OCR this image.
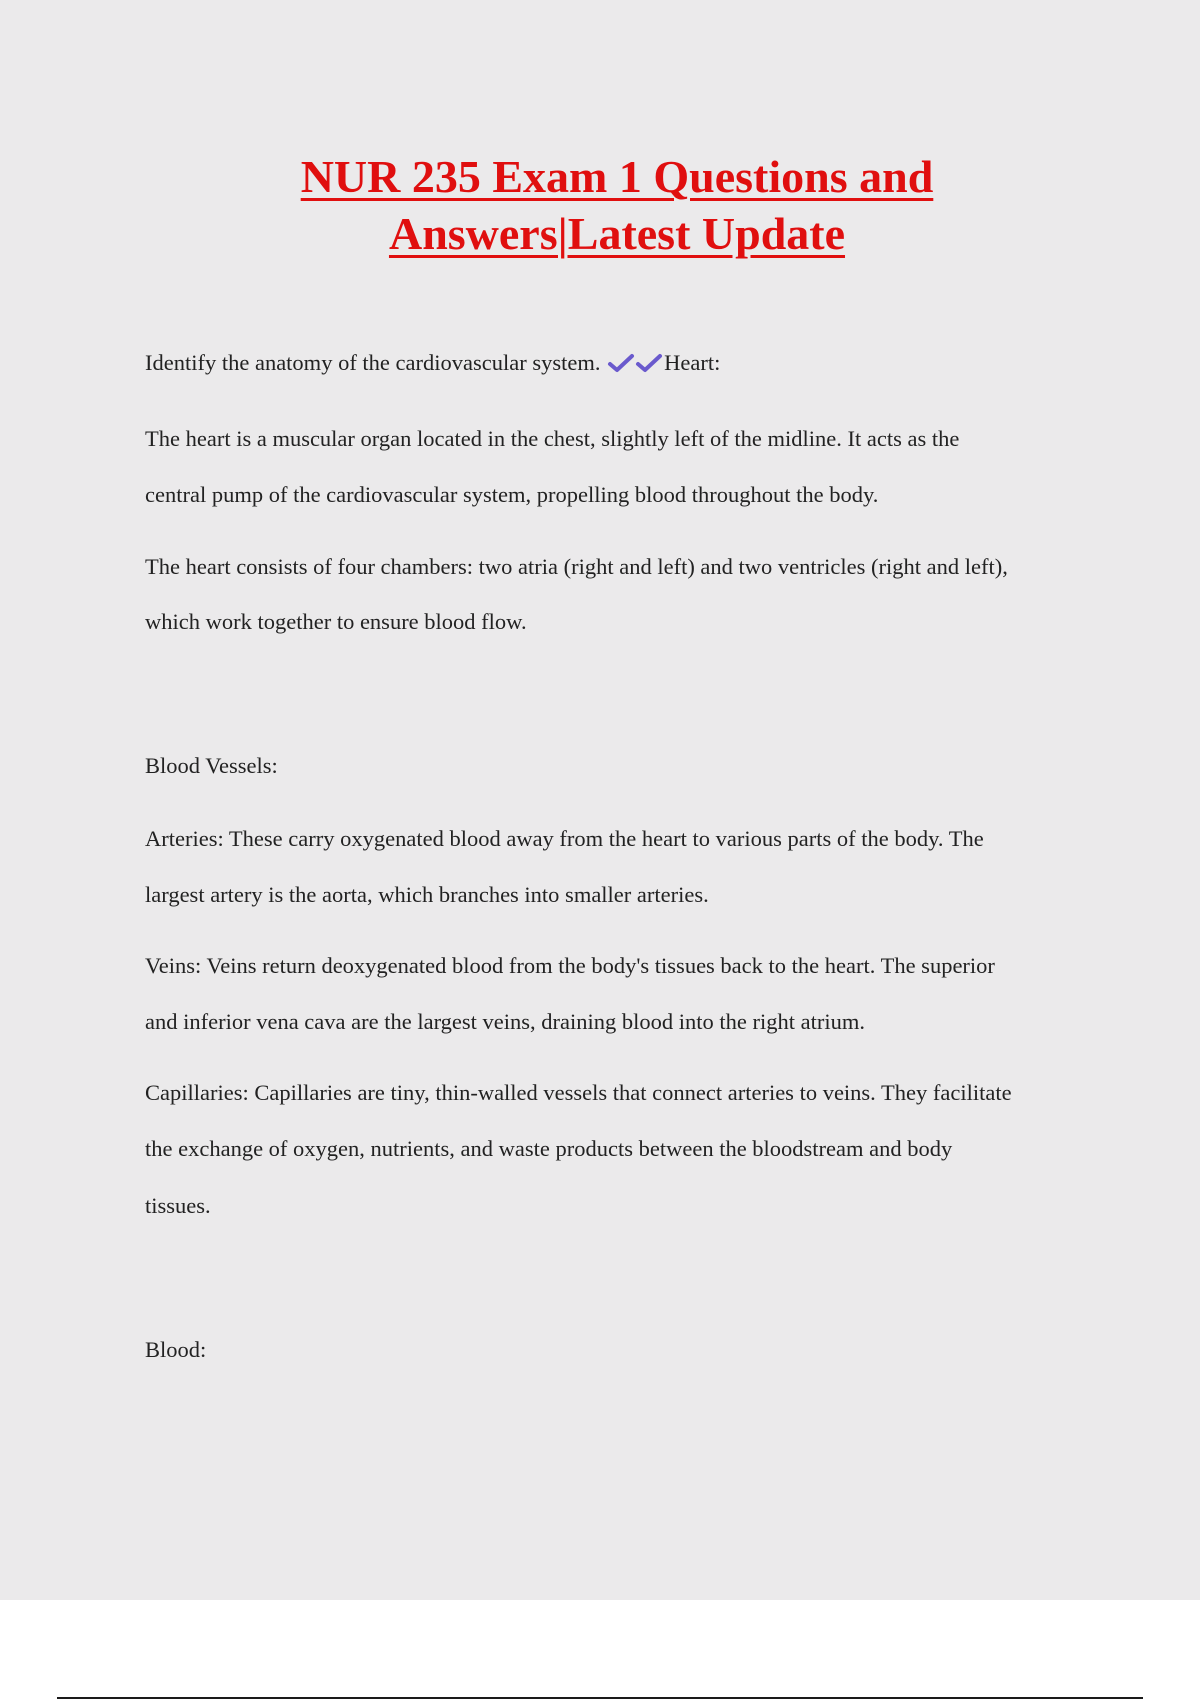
NUR 235 Exam 1 Questions and
Answers|Latest Update

Identify the anatomy of the cardiovascular system.	Heart:

The heart is a muscular organ located in the chest, slightly left of the midline. It acts as the

central pump of the cardiovascular system, propelling blood throughout the body.

The heart consists of four chambers: two atria (right and left) and two ventricles (right and left),

which work together to ensure blood flow.

Blood Vessels:

Arteries: These carry oxygenated blood away from the heart to various parts of the body. The

largest artery is the aorta, which branches into smaller arteries.

Veins: Veins return deoxygenated blood from the body's tissues back to the heart. The superior

and inferior vena cava are the largest veins, draining blood into the right atrium.

Capillaries: Capillaries are tiny, thin-walled vessels that connect arteries to veins. They facilitate

the exchange of oxygen, nutrients, and waste products between the bloodstream and body

tissues.

Blood:
